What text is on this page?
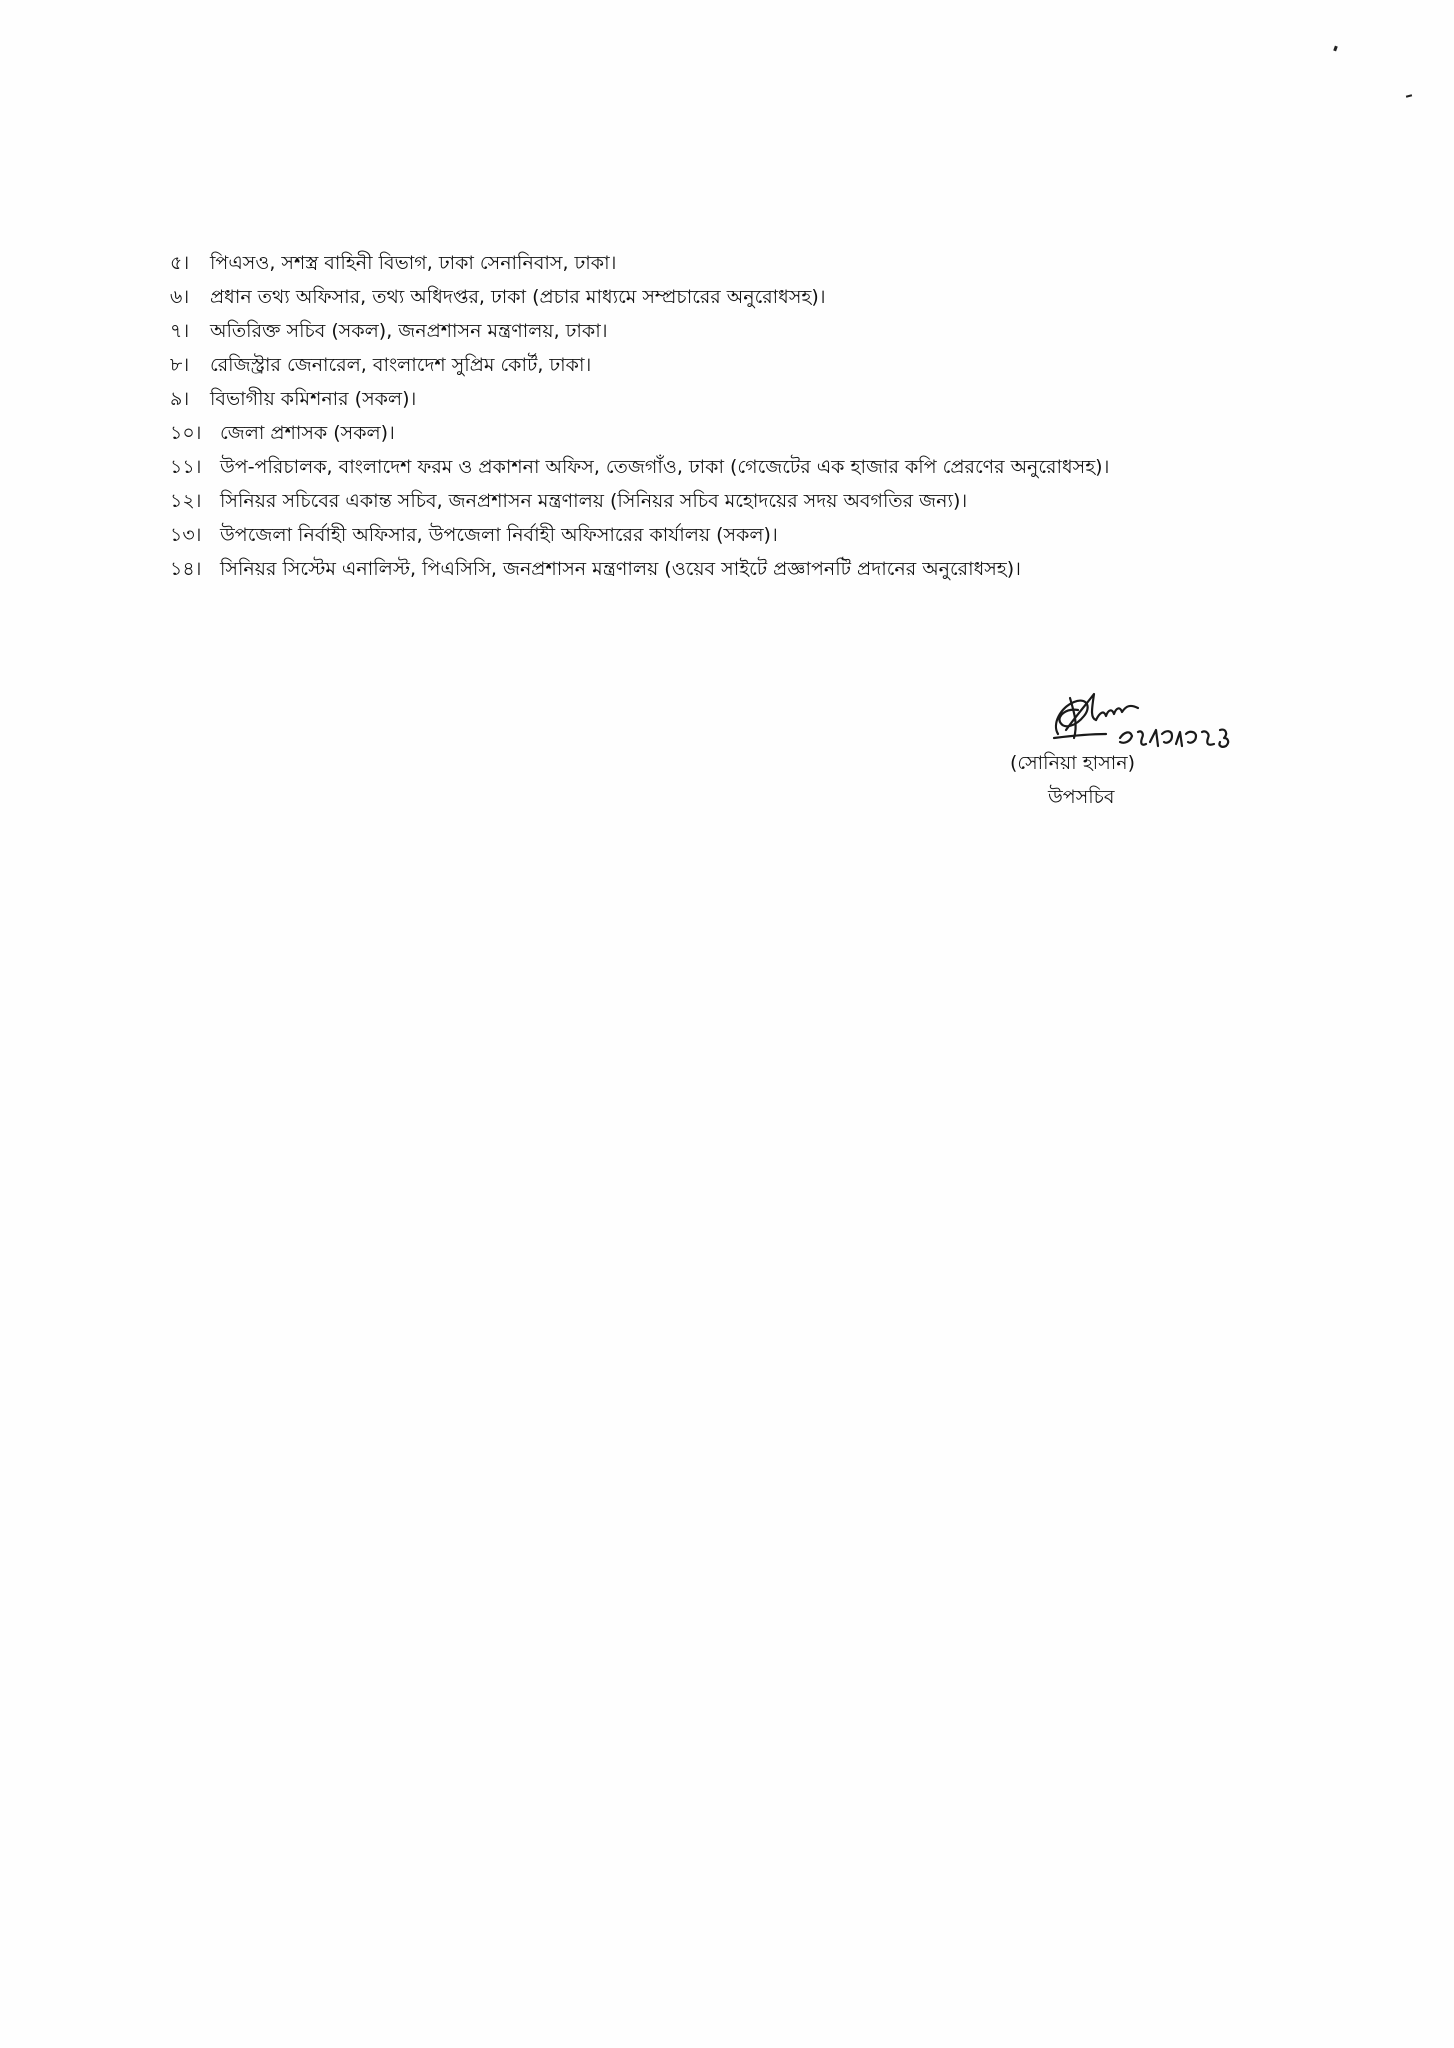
৫।	পিএসও, সশস্ত্র বাহিনী বিভাগ, ঢাকা সেনানিবাস, ঢাকা।
৬।	প্রধান তথ্য অফিসার, তথ্য অধিদপ্তর, ঢাকা (প্রচার মাধ্যমে সম্প্রচারের অনুরোধসহ)।
৭।	অতিরিক্ত সচিব (সকল), জনপ্রশাসন মন্ত্রণালয়, ঢাকা।
৮।	রেজিস্ট্রার জেনারেল, বাংলাদেশ সুপ্রিম কোর্ট, ঢাকা।
৯।	বিভাগীয় কমিশনার (সকল)।
১০। জেলা প্রশাসক (সকল)।
১১। উপ-পরিচালক, বাংলাদেশ ফরম ও প্রকাশনা অফিস, তেজগাঁও, ঢাকা (গেজেটের এক হাজার কপি প্রেরণের অনুরোধসহ)।
১২। সিনিয়র সচিবের একান্ত সচিব, জনপ্রশাসন মন্ত্রণালয় (সিনিয়র সচিব মহোদয়ের সদয় অবগতির জন্য)।
১৩। উপজেলা নির্বাহী অফিসার, উপজেলা নির্বাহী অফিসারের কার্যালয় (সকল)।
১৪। সিনিয়র সিস্টেম এনালিস্ট, পিএসিসি, জনপ্রশাসন মন্ত্রণালয় (ওয়েব সাইটে প্রজ্ঞাপনটি প্রদানের অনুরোধসহ)।
(সোনিয়া হাসান)
উপসচিব
